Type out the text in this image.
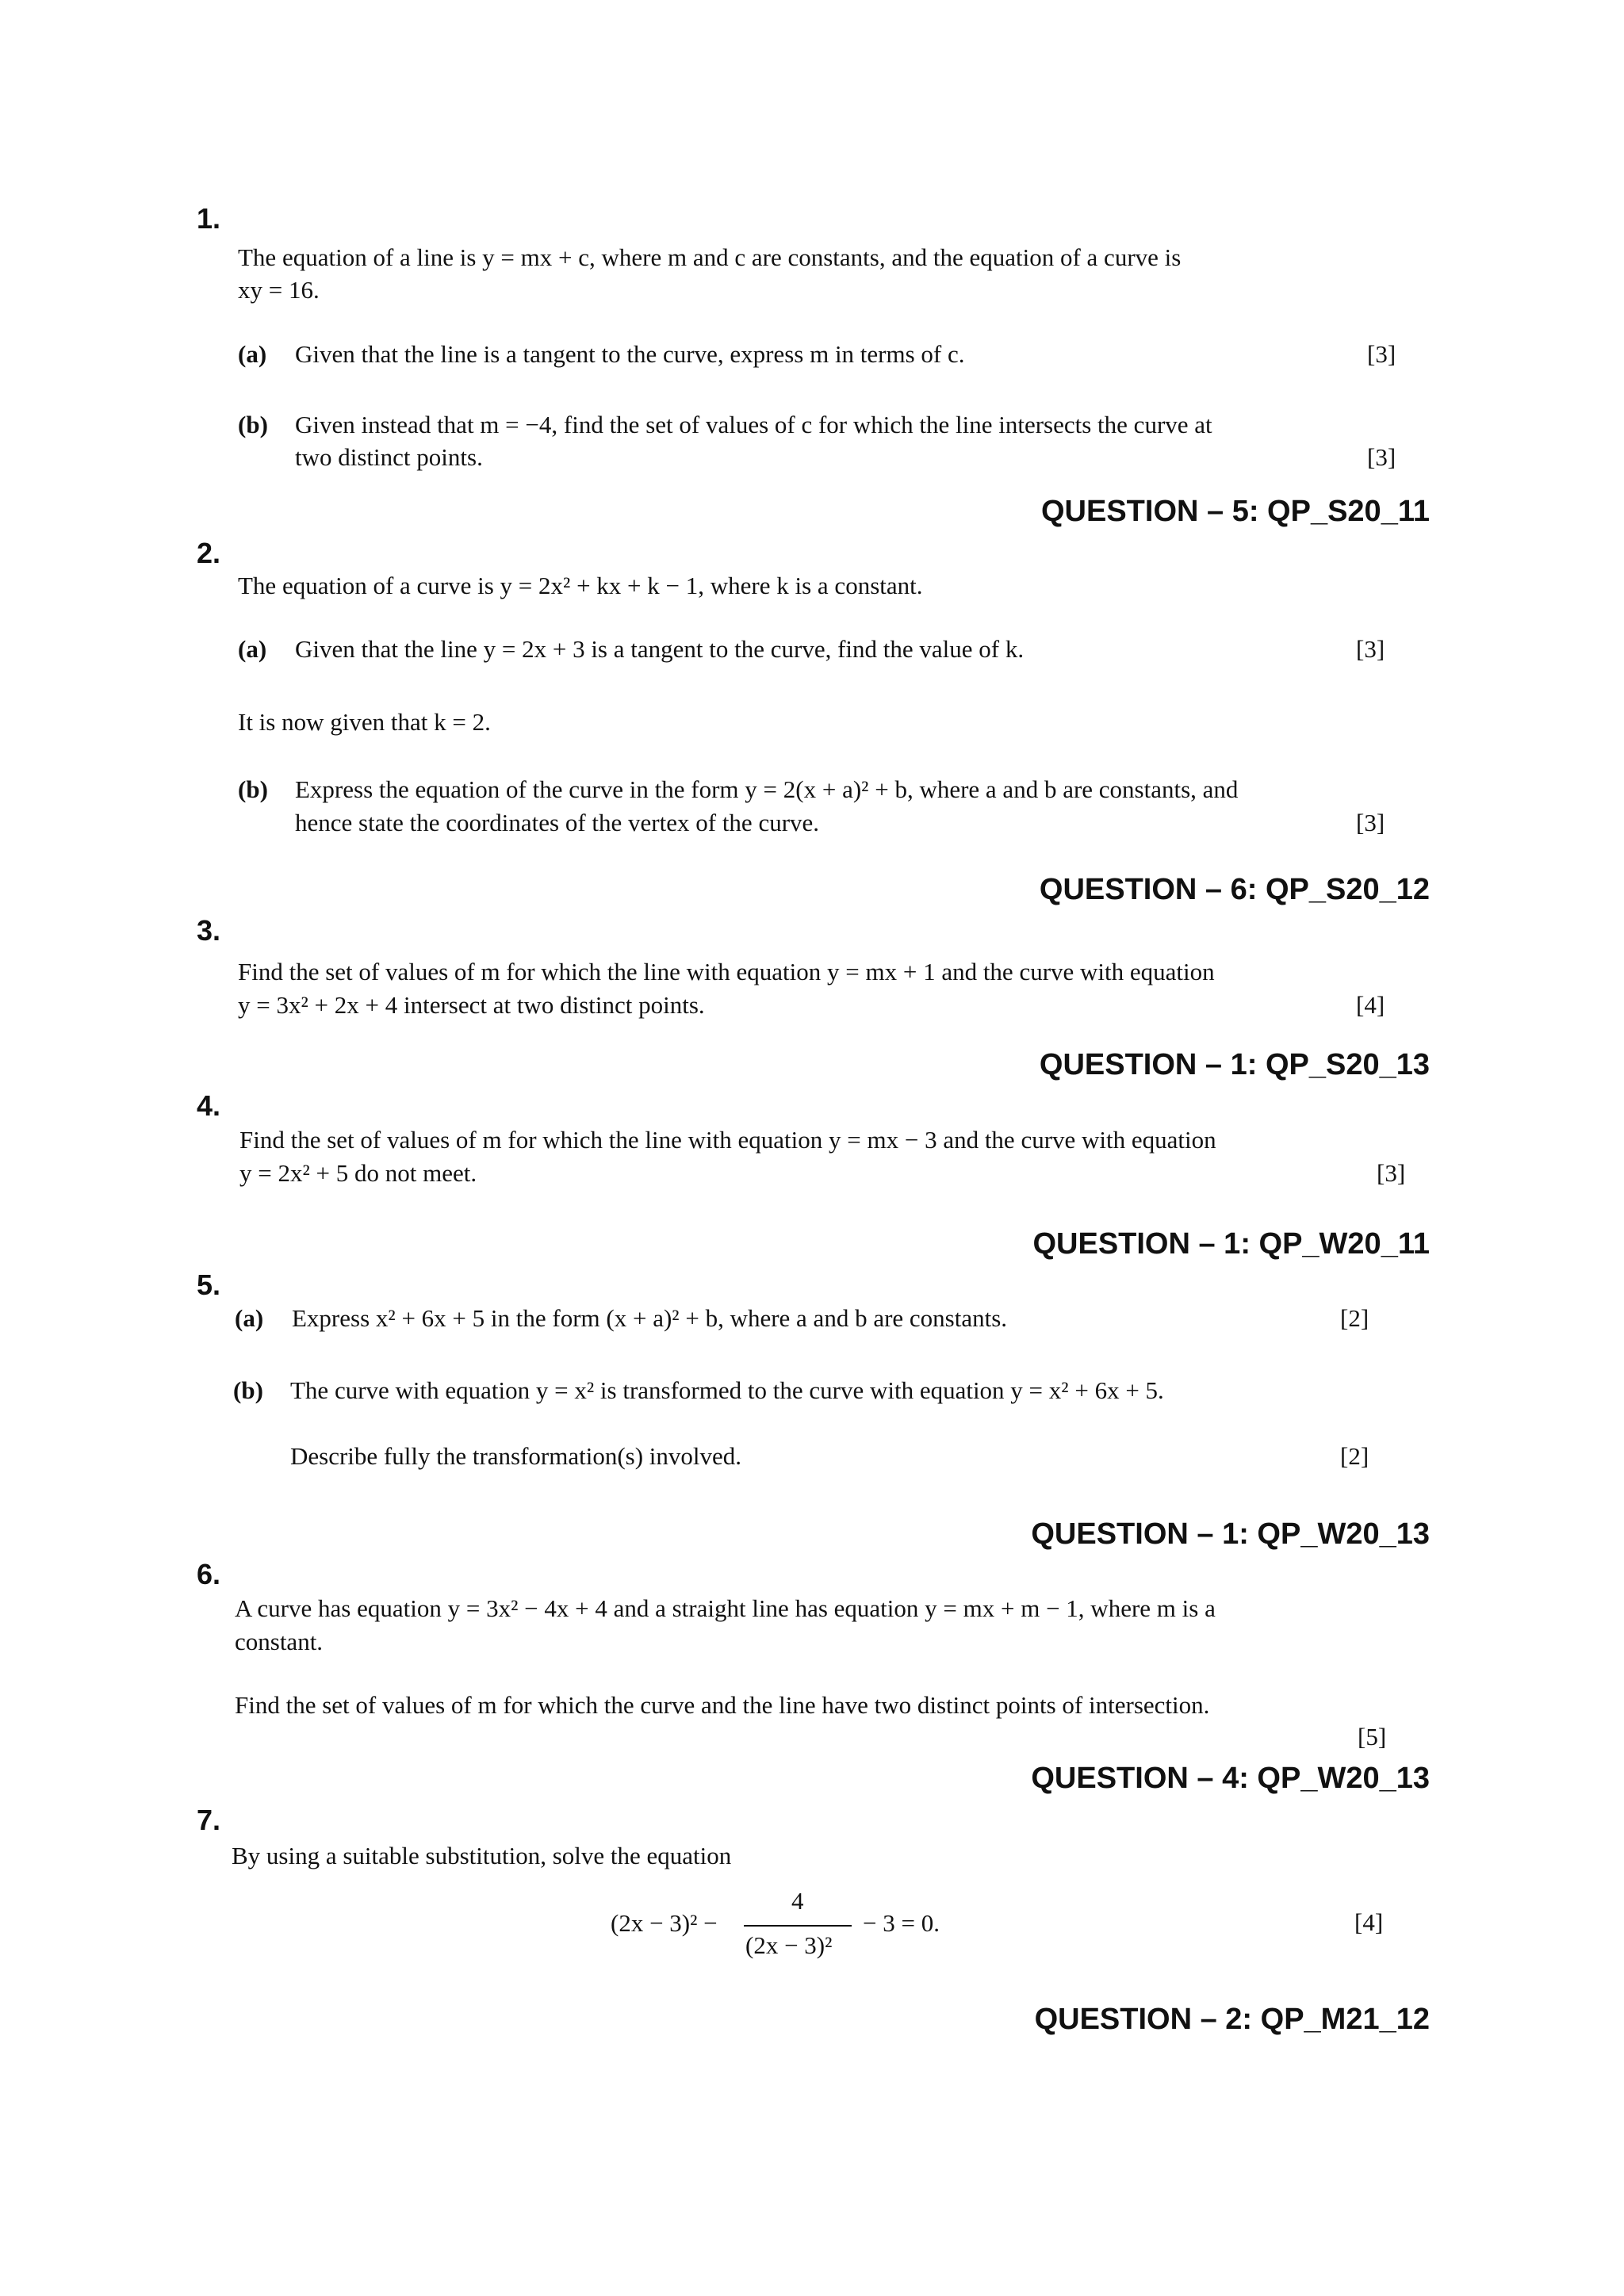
1.
The equation of a line is y = mx + c, where m and c are constants, and the equation of a curve is
xy = 16.
(a) Given that the line is a tangent to the curve, express m in terms of c.	[3]
(b) Given instead that m = −4, find the set of values of c for which the line intersects the curve at
two distinct points.	[3]
QUESTION – 5: QP_S20_11
2.
The equation of a curve is y = 2x² + kx + k − 1, where k is a constant.
(a) Given that the line y = 2x + 3 is a tangent to the curve, find the value of k.	[3]
It is now given that k = 2.
(b) Express the equation of the curve in the form y = 2(x + a)² + b, where a and b are constants, and
hence state the coordinates of the vertex of the curve.	[3]
QUESTION – 6: QP_S20_12
3.
Find the set of values of m for which the line with equation y = mx + 1 and the curve with equation
y = 3x² + 2x + 4 intersect at two distinct points.	[4]
QUESTION – 1: QP_S20_13
4.
Find the set of values of m for which the line with equation y = mx − 3 and the curve with equation
y = 2x² + 5 do not meet.	[3]
QUESTION – 1: QP_W20_11
5.
(a) Express x² + 6x + 5 in the form (x + a)² + b, where a and b are constants.	[2]
(b) The curve with equation y = x² is transformed to the curve with equation y = x² + 6x + 5.
Describe fully the transformation(s) involved.	[2]
QUESTION – 1: QP_W20_13
6.
A curve has equation y = 3x² − 4x + 4 and a straight line has equation y = mx + m − 1, where m is a
constant.
Find the set of values of m for which the curve and the line have two distinct points of intersection.
[5]
QUESTION – 4: QP_W20_13
7.
By using a suitable substitution, solve the equation
(2x − 3)² −
4
(2x − 3)²
− 3 = 0.	[4]
QUESTION – 2: QP_M21_12
